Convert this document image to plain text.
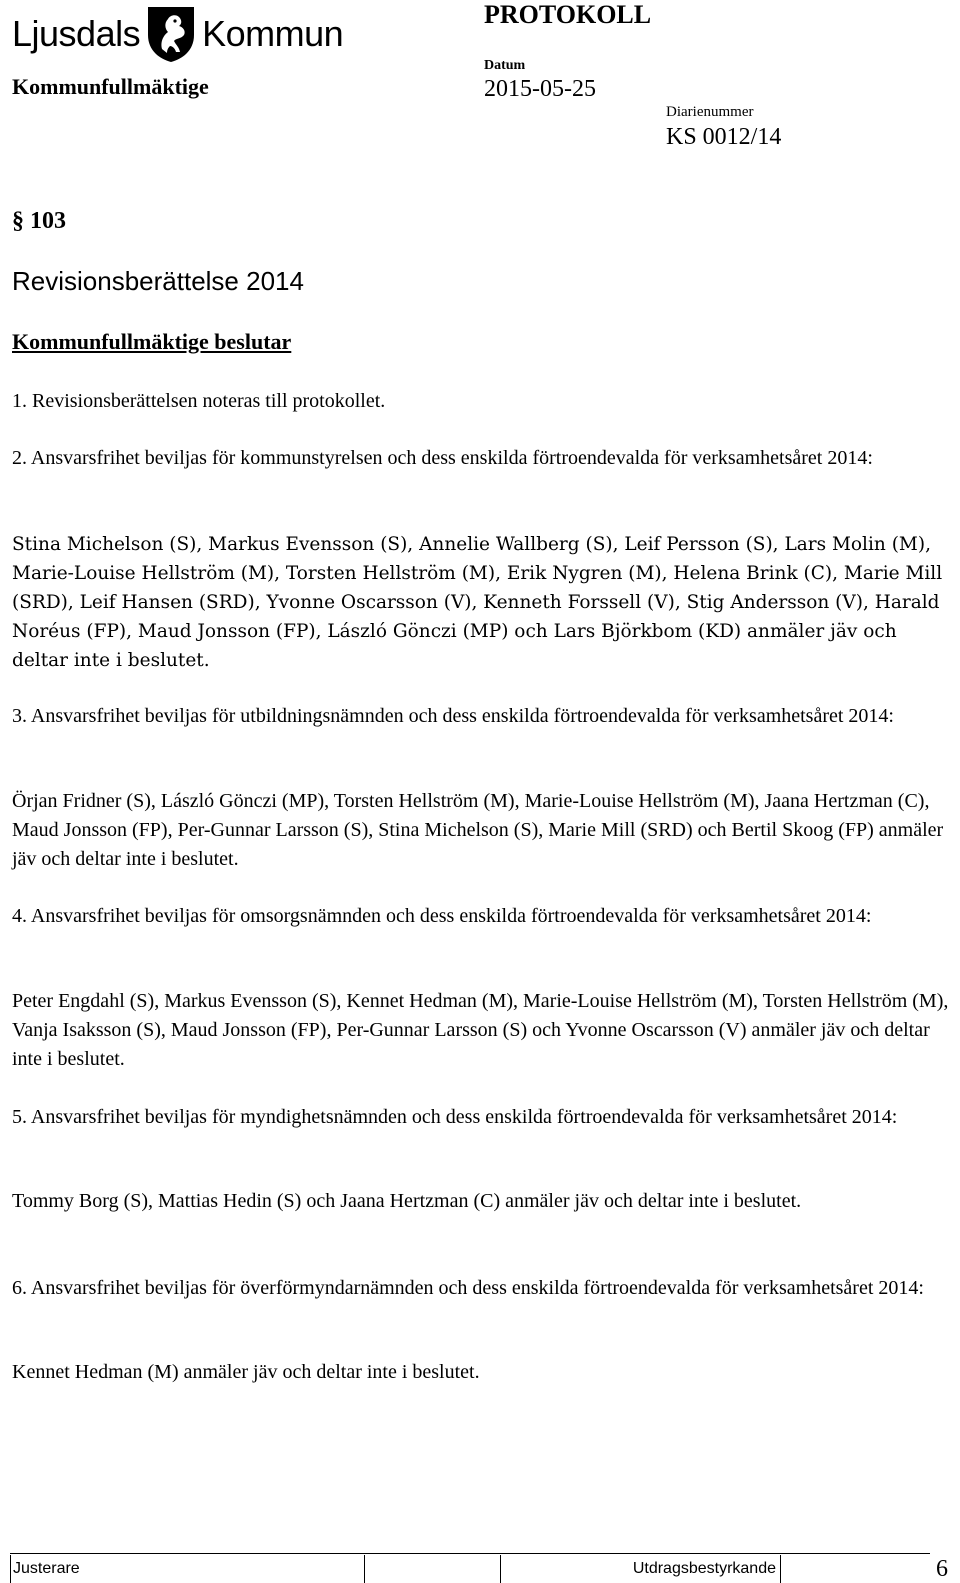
Ljusdals Kommun	PROTOKOLL
Kommunfullmäktige
Datum
2015-05-25
Diarienummer
KS 0012/14
§ 103
Revisionsberättelse 2014
Kommunfullmäktige beslutar
1. Revisionsberättelsen noteras till protokollet.
2. Ansvarsfrihet beviljas för kommunstyrelsen och dess enskilda förtroendevalda för verksamhetsåret 2014:
Stina Michelson (S), Markus Evensson (S), Annelie Wallberg (S), Leif Persson (S), Lars Molin (M), Marie-Louise Hellström (M), Torsten Hellström (M), Erik Nygren (M), Helena Brink (C), Marie Mill (SRD), Leif Hansen (SRD), Yvonne Oscarsson (V), Kenneth Forssell (V), Stig Andersson (V), Harald Noréus (FP), Maud Jonsson (FP), László Gönczi (MP) och Lars Björkbom (KD) anmäler jäv och deltar inte i beslutet.
3. Ansvarsfrihet beviljas för utbildningsnämnden och dess enskilda förtroendevalda för verksamhetsåret 2014:
Örjan Fridner (S), László Gönczi (MP), Torsten Hellström (M), Marie-Louise Hellström (M), Jaana Hertzman (C), Maud Jonsson (FP), Per-Gunnar Larsson (S), Stina Michelson (S), Marie Mill (SRD) och Bertil Skoog (FP) anmäler jäv och deltar inte i beslutet.
4. Ansvarsfrihet beviljas för omsorgsnämnden och dess enskilda förtroendevalda för verksamhetsåret 2014:
Peter Engdahl (S), Markus Evensson (S), Kennet Hedman (M), Marie-Louise Hellström (M), Torsten Hellström (M), Vanja Isaksson (S), Maud Jonsson (FP), Per-Gunnar Larsson (S) och Yvonne Oscarsson (V) anmäler jäv och deltar inte i beslutet.
5. Ansvarsfrihet beviljas för myndighetsnämnden och dess enskilda förtroendevalda för verksamhetsåret 2014:
Tommy Borg (S), Mattias Hedin (S) och Jaana Hertzman (C) anmäler jäv och deltar inte i beslutet.
6. Ansvarsfrihet beviljas för överförmyndarnämnden och dess enskilda förtroendevalda för verksamhetsåret 2014:
Kennet Hedman (M) anmäler jäv och deltar inte i beslutet.
Justerare	Utdragsbestyrkande	6
